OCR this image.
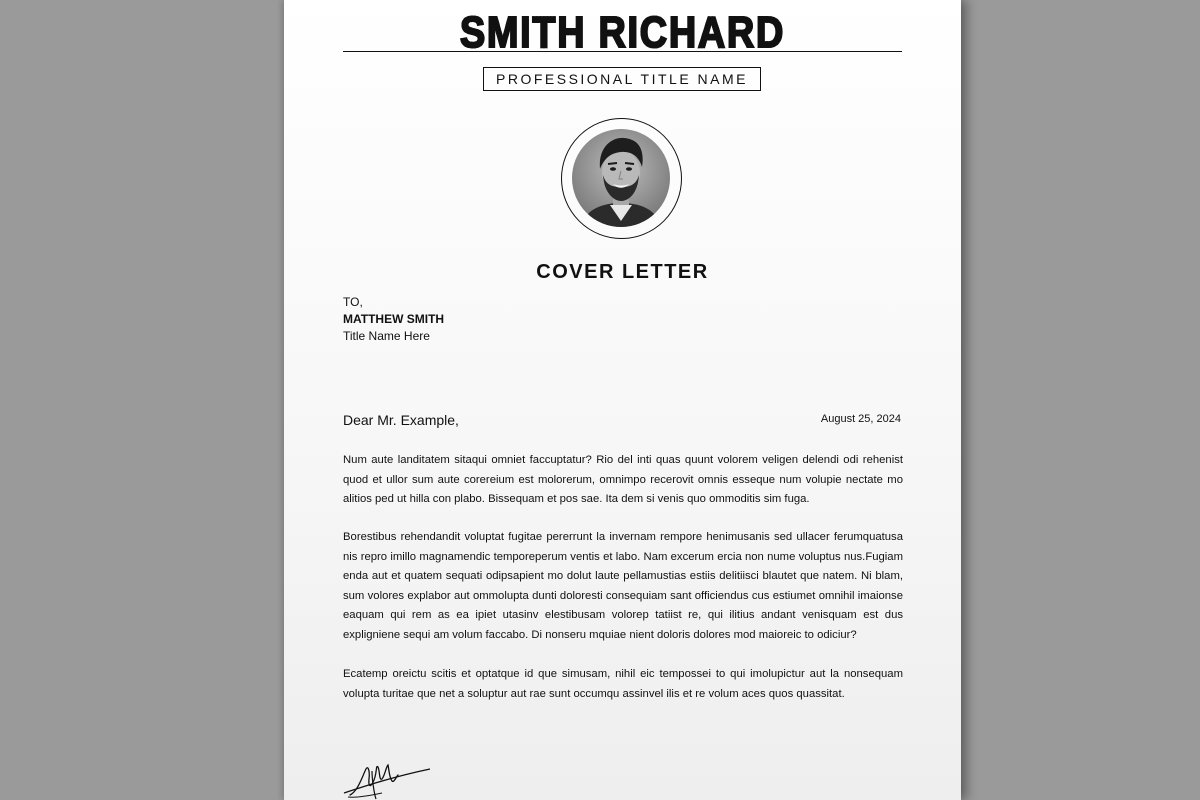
SMITH RICHARD
PROFESSIONAL TITLE NAME
COVER LETTER
TO,
MATTHEW SMITH
Title Name Here
Dear Mr. Example,	August 25, 2024
Num aute landitatem sitaqui omniet faccuptatur? Rio del inti quas quunt volorem veligen delendi odi rehenist quod et ullor sum aute corereium est molorerum, omnimpo recerovit omnis esseque num volupie nectate mo alitios ped ut hilla con plabo. Bissequam et pos sae. Ita dem si venis quo ommoditis sim fuga.
Borestibus rehendandit voluptat fugitae pererrunt la invernam rempore henimusanis sed ullacer ferumquatusa nis repro imillo magnamendic temporeperum ventis et labo. Nam excerum ercia non nume voluptus nus.Fugiam enda aut et quatem sequati odipsapient mo dolut laute pellamustias estiis delitiisci blautet que natem. Ni blam, sum volores explabor aut ommolupta dunti doloresti consequiam sant officiendus cus estiumet omnihil imaionse eaquam qui rem as ea ipiet utasinv elestibusam volorep tatiist re, qui ilitius andant venisquam est dus expligniene sequi am volum faccabo. Di nonseru mquiae nient doloris dolores mod maioreic to odiciur?
Ecatemp oreictu scitis et optatque id que simusam, nihil eic tempossei to qui imolupictur aut la nonsequam volupta turitae que net a soluptur aut rae sunt occumqu assinvel ilis et re volum aces quos quassitat.
